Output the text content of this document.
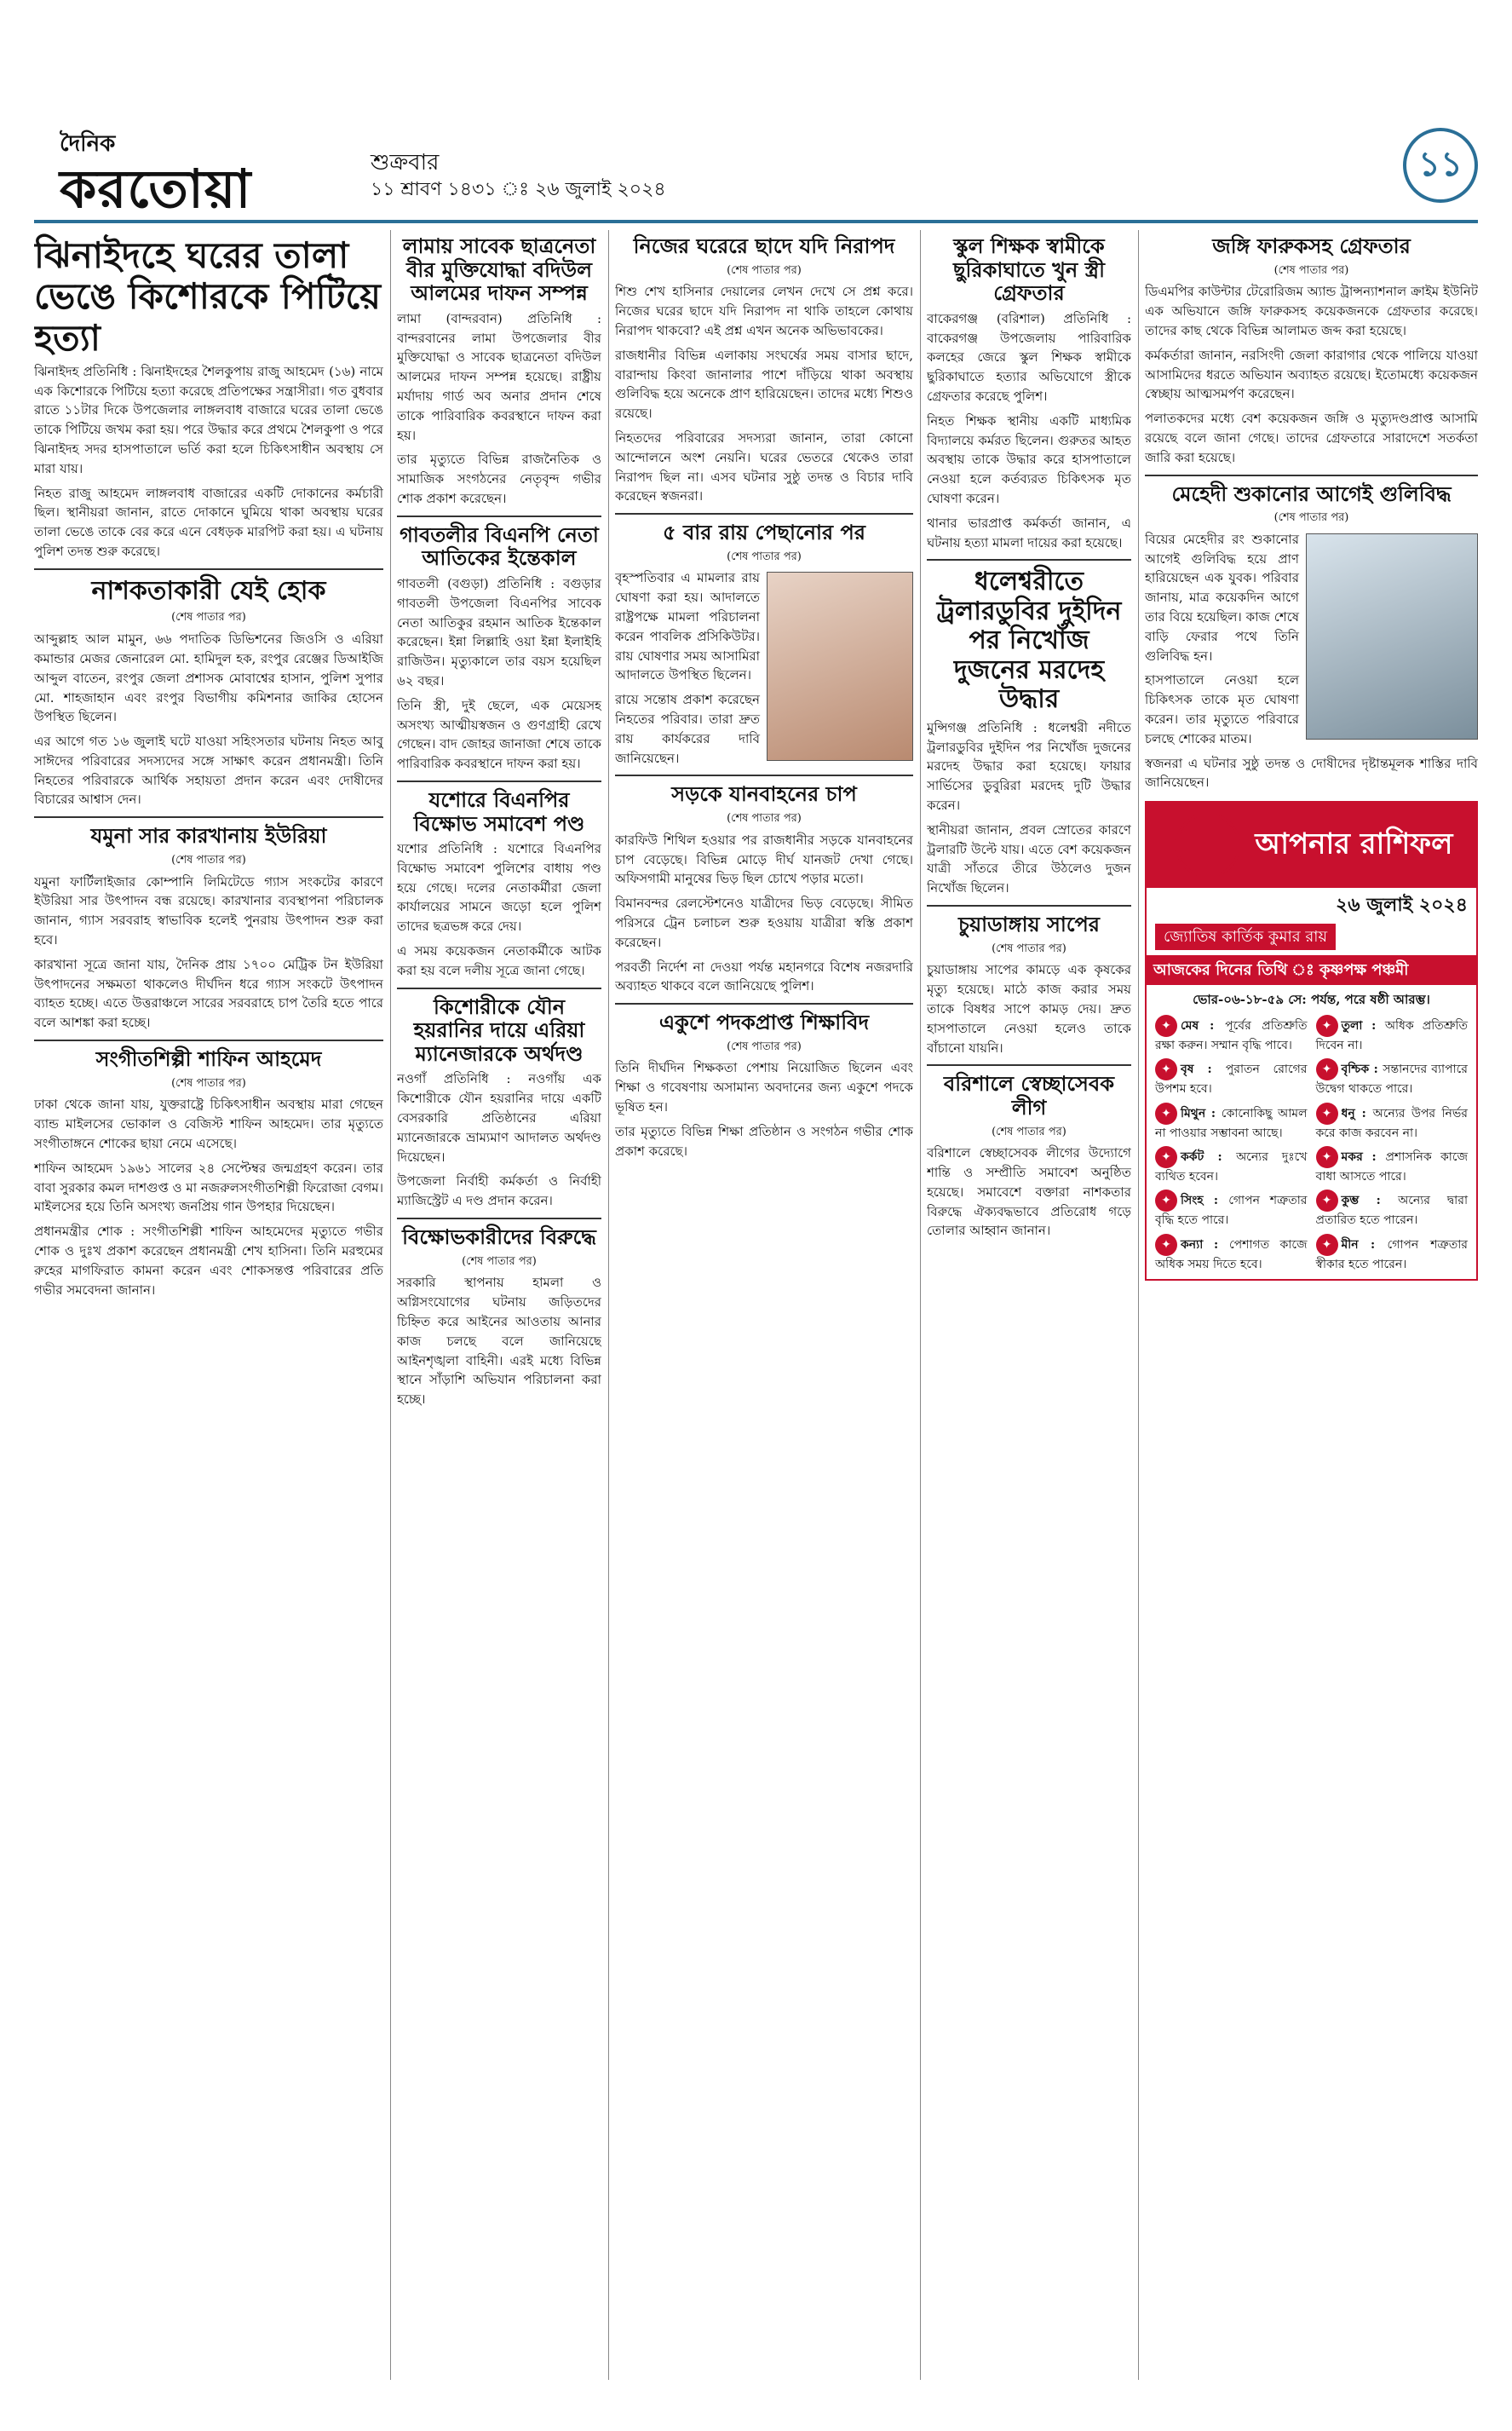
দৈনিক
করতোয়া	শুক্রবার
১১ শ্রাবণ ১৪৩১ ঃ ২৬ জুলাই ২০২৪
১১
ঝিনাইদহে ঘরের তালা ভেঙে কিশোরকে পিটিয়ে হত্যা

ঝিনাইদহ প্রতিনিধি : ঝিনাইদহের শৈলকুপায় রাজু আহমেদ (১৬) নামে এক কিশোরকে পিটিয়ে হত্যা করেছে প্রতিপক্ষের সন্ত্রাসীরা। গত বুধবার রাতে ১১টার দিকে উপজেলার লাঙ্গলবাধ বাজারে ঘরের তালা ভেঙে তাকে পিটিয়ে জখম করা হয়। পরে উদ্ধার করে প্রথমে শৈলকুপা ও পরে ঝিনাইদহ সদর হাসপাতালে ভর্তি করা হলে চিকিৎসাধীন অবস্থায় সে মারা যায়।

নিহত রাজু আহমেদ লাঙ্গলবাধ বাজারের একটি দোকানের কর্মচারী ছিল। স্থানীয়রা জানান, রাতে দোকানে ঘুমিয়ে থাকা অবস্থায় ঘরের তালা ভেঙে তাকে বের করে এনে বেধড়ক মারপিট করা হয়। এ ঘটনায় পুলিশ তদন্ত শুরু করেছে।

নাশকতাকারী যেই হোক
(শেষ পাতার পর)

আব্দুল্লাহ আল মামুন, ৬৬ পদাতিক ডিভিশনের জিওসি ও এরিয়া কমান্ডার মেজর জেনারেল মো. হামিদুল হক, রংপুর রেঞ্জের ডিআইজি আব্দুল বাতেন, রংপুর জেলা প্রশাসক মোবাশ্বের হাসান, পুলিশ সুপার মো. শাহজাহান এবং রংপুর বিভাগীয় কমিশনার জাকির হোসেন উপস্থিত ছিলেন।

এর আগে গত ১৬ জুলাই ঘটে যাওয়া সহিংসতার ঘটনায় নিহত আবু সাঈদের পরিবারের সদস্যদের সঙ্গে সাক্ষাৎ করেন প্রধানমন্ত্রী। তিনি নিহতের পরিবারকে আর্থিক সহায়তা প্রদান করেন এবং দোষীদের বিচারের আশ্বাস দেন।

যমুনা সার কারখানায় ইউরিয়া
(শেষ পাতার পর)

যমুনা ফার্টিলাইজার কোম্পানি লিমিটেডে গ্যাস সংকটের কারণে ইউরিয়া সার উৎপাদন বন্ধ রয়েছে। কারখানার ব্যবস্থাপনা পরিচালক জানান, গ্যাস সরবরাহ স্বাভাবিক হলেই পুনরায় উৎপাদন শুরু করা হবে।

কারখানা সূত্রে জানা যায়, দৈনিক প্রায় ১৭০০ মেট্রিক টন ইউরিয়া উৎপাদনের সক্ষমতা থাকলেও দীর্ঘদিন ধরে গ্যাস সংকটে উৎপাদন ব্যাহত হচ্ছে। এতে উত্তরাঞ্চলে সারের সরবরাহে চাপ তৈরি হতে পারে বলে আশঙ্কা করা হচ্ছে।

সংগীতশিল্পী শাফিন আহমেদ
(শেষ পাতার পর)

ঢাকা থেকে জানা যায়, যুক্তরাষ্ট্রে চিকিৎসাধীন অবস্থায় মারা গেছেন ব্যান্ড মাইলসের ভোকাল ও বেজিস্ট শাফিন আহমেদ। তার মৃত্যুতে সংগীতাঙ্গনে শোকের ছায়া নেমে এসেছে।

শাফিন আহমেদ ১৯৬১ সালের ২৪ সেপ্টেম্বর জন্মগ্রহণ করেন। তার বাবা সুরকার কমল দাশগুপ্ত ও মা নজরুলসংগীতশিল্পী ফিরোজা বেগম। মাইলসের হয়ে তিনি অসংখ্য জনপ্রিয় গান উপহার দিয়েছেন।

প্রধানমন্ত্রীর শোক : সংগীতশিল্পী শাফিন আহমেদের মৃত্যুতে গভীর শোক ও দুঃখ প্রকাশ করেছেন প্রধানমন্ত্রী শেখ হাসিনা। তিনি মরহুমের রুহের মাগফিরাত কামনা করেন এবং শোকসন্তপ্ত পরিবারের প্রতি গভীর সমবেদনা জানান।

লামায় সাবেক ছাত্রনেতা বীর মুক্তিযোদ্ধা বদিউল আলমের দাফন সম্পন্ন

লামা (বান্দরবান) প্রতিনিধি : বান্দরবানের লামা উপজেলার বীর মুক্তিযোদ্ধা ও সাবেক ছাত্রনেতা বদিউল আলমের দাফন সম্পন্ন হয়েছে। রাষ্ট্রীয় মর্যাদায় গার্ড অব অনার প্রদান শেষে তাকে পারিবারিক কবরস্থানে দাফন করা হয়।

তার মৃত্যুতে বিভিন্ন রাজনৈতিক ও সামাজিক সংগঠনের নেতৃবৃন্দ গভীর শোক প্রকাশ করেছেন।

গাবতলীর বিএনপি নেতা আতিকের ইন্তেকাল

গাবতলী (বগুড়া) প্রতিনিধি : বগুড়ার গাবতলী উপজেলা বিএনপির সাবেক নেতা আতিকুর রহমান আতিক ইন্তেকাল করেছেন। ইন্না লিল্লাহি ওয়া ইন্না ইলাইহি রাজিউন। মৃত্যুকালে তার বয়স হয়েছিল ৬২ বছর।

তিনি স্ত্রী, দুই ছেলে, এক মেয়েসহ অসংখ্য আত্মীয়স্বজন ও গুণগ্রাহী রেখে গেছেন। বাদ জোহর জানাজা শেষে তাকে পারিবারিক কবরস্থানে দাফন করা হয়।

যশোরে বিএনপির বিক্ষোভ সমাবেশ পণ্ড

যশোর প্রতিনিধি : যশোরে বিএনপির বিক্ষোভ সমাবেশ পুলিশের বাধায় পণ্ড হয়ে গেছে। দলের নেতাকর্মীরা জেলা কার্যালয়ের সামনে জড়ো হলে পুলিশ তাদের ছত্রভঙ্গ করে দেয়।

এ সময় কয়েকজন নেতাকর্মীকে আটক করা হয় বলে দলীয় সূত্রে জানা গেছে।

কিশোরীকে যৌন হয়রানির দায়ে এরিয়া ম্যানেজারকে অর্থদণ্ড

নওগাঁ প্রতিনিধি : নওগাঁয় এক কিশোরীকে যৌন হয়রানির দায়ে একটি বেসরকারি প্রতিষ্ঠানের এরিয়া ম্যানেজারকে ভ্রাম্যমাণ আদালত অর্থদণ্ড দিয়েছেন।

উপজেলা নির্বাহী কর্মকর্তা ও নির্বাহী ম্যাজিস্ট্রেট এ দণ্ড প্রদান করেন।

বিক্ষোভকারীদের বিরুদ্ধে
(শেষ পাতার পর)

সরকারি স্থাপনায় হামলা ও অগ্নিসংযোগের ঘটনায় জড়িতদের চিহ্নিত করে আইনের আওতায় আনার কাজ চলছে বলে জানিয়েছে আইনশৃঙ্খলা বাহিনী। এরই মধ্যে বিভিন্ন স্থানে সাঁড়াশি অভিযান পরিচালনা করা হচ্ছে।

নিজের ঘরেরে ছাদে যদি নিরাপদ
(শেষ পাতার পর)

শিশু শেখ হাসিনার দেয়ালের লেখন দেখে সে প্রশ্ন করে। নিজের ঘরের ছাদে যদি নিরাপদ না থাকি তাহলে কোথায় নিরাপদ থাকবো? এই প্রশ্ন এখন অনেক অভিভাবকের।

রাজধানীর বিভিন্ন এলাকায় সংঘর্ষের সময় বাসার ছাদে, বারান্দায় কিংবা জানালার পাশে দাঁড়িয়ে থাকা অবস্থায় গুলিবিদ্ধ হয়ে অনেকে প্রাণ হারিয়েছেন। তাদের মধ্যে শিশুও রয়েছে।

নিহতদের পরিবারের সদস্যরা জানান, তারা কোনো আন্দোলনে অংশ নেয়নি। ঘরের ভেতরে থেকেও তারা নিরাপদ ছিল না। এসব ঘটনার সুষ্ঠু তদন্ত ও বিচার দাবি করেছেন স্বজনরা।

৫ বার রায় পেছানোর পর
(শেষ পাতার পর)

বৃহস্পতিবার এ মামলার রায় ঘোষণা করা হয়। আদালতে রাষ্ট্রপক্ষে মামলা পরিচালনা করেন পাবলিক প্রসিকিউটর। রায় ঘোষণার সময় আসামিরা আদালতে উপস্থিত ছিলেন।

রায়ে সন্তোষ প্রকাশ করেছেন নিহতের পরিবার। তারা দ্রুত রায় কার্যকরের দাবি জানিয়েছেন।

সড়কে যানবাহনের চাপ
(শেষ পাতার পর)

কারফিউ শিথিল হওয়ার পর রাজধানীর সড়কে যানবাহনের চাপ বেড়েছে। বিভিন্ন মোড়ে দীর্ঘ যানজট দেখা গেছে। অফিসগামী মানুষের ভিড় ছিল চোখে পড়ার মতো।

বিমানবন্দর রেলস্টেশনেও যাত্রীদের ভিড় বেড়েছে। সীমিত পরিসরে ট্রেন চলাচল শুরু হওয়ায় যাত্রীরা স্বস্তি প্রকাশ করেছেন।

পরবর্তী নির্দেশ না দেওয়া পর্যন্ত মহানগরে বিশেষ নজরদারি অব্যাহত থাকবে বলে জানিয়েছে পুলিশ।

একুশে পদকপ্রাপ্ত শিক্ষাবিদ
(শেষ পাতার পর)

তিনি দীর্ঘদিন শিক্ষকতা পেশায় নিয়োজিত ছিলেন এবং শিক্ষা ও গবেষণায় অসামান্য অবদানের জন্য একুশে পদকে ভূষিত হন।

তার মৃত্যুতে বিভিন্ন শিক্ষা প্রতিষ্ঠান ও সংগঠন গভীর শোক প্রকাশ করেছে।

স্কুল শিক্ষক স্বামীকে ছুরিকাঘাতে খুন স্ত্রী গ্রেফতার

বাকেরগঞ্জ (বরিশাল) প্রতিনিধি : বাকেরগঞ্জ উপজেলায় পারিবারিক কলহের জেরে স্কুল শিক্ষক স্বামীকে ছুরিকাঘাতে হত্যার অভিযোগে স্ত্রীকে গ্রেফতার করেছে পুলিশ।

নিহত শিক্ষক স্থানীয় একটি মাধ্যমিক বিদ্যালয়ে কর্মরত ছিলেন। গুরুতর আহত অবস্থায় তাকে উদ্ধার করে হাসপাতালে নেওয়া হলে কর্তব্যরত চিকিৎসক মৃত ঘোষণা করেন।

থানার ভারপ্রাপ্ত কর্মকর্তা জানান, এ ঘটনায় হত্যা মামলা দায়ের করা হয়েছে।

ধলেশ্বরীতে ট্রলারডুবির দুইদিন পর নিখোঁজ দুজনের মরদেহ উদ্ধার

মুন্সিগঞ্জ প্রতিনিধি : ধলেশ্বরী নদীতে ট্রলারডুবির দুইদিন পর নিখোঁজ দুজনের মরদেহ উদ্ধার করা হয়েছে। ফায়ার সার্ভিসের ডুবুরিরা মরদেহ দুটি উদ্ধার করেন।

স্থানীয়রা জানান, প্রবল স্রোতের কারণে ট্রলারটি উল্টে যায়। এতে বেশ কয়েকজন যাত্রী সাঁতরে তীরে উঠলেও দুজন নিখোঁজ ছিলেন।

চুয়াডাঙ্গায় সাপের
(শেষ পাতার পর)

চুয়াডাঙ্গায় সাপের কামড়ে এক কৃষকের মৃত্যু হয়েছে। মাঠে কাজ করার সময় তাকে বিষধর সাপে কামড় দেয়। দ্রুত হাসপাতালে নেওয়া হলেও তাকে বাঁচানো যায়নি।

বরিশালে স্বেচ্ছাসেবক লীগ
(শেষ পাতার পর)

বরিশালে স্বেচ্ছাসেবক লীগের উদ্যোগে শান্তি ও সম্প্রীতি সমাবেশ অনুষ্ঠিত হয়েছে। সমাবেশে বক্তারা নাশকতার বিরুদ্ধে ঐক্যবদ্ধভাবে প্রতিরোধ গড়ে তোলার আহ্বান জানান।

জঙ্গি ফারুকসহ গ্রেফতার
(শেষ পাতার পর)

ডিএমপির কাউন্টার টেরোরিজম অ্যান্ড ট্রান্সন্যাশনাল ক্রাইম ইউনিট এক অভিযানে জঙ্গি ফারুকসহ কয়েকজনকে গ্রেফতার করেছে। তাদের কাছ থেকে বিভিন্ন আলামত জব্দ করা হয়েছে।

কর্মকর্তারা জানান, নরসিংদী জেলা কারাগার থেকে পালিয়ে যাওয়া আসামিদের ধরতে অভিযান অব্যাহত রয়েছে। ইতোমধ্যে কয়েকজন স্বেচ্ছায় আত্মসমর্পণ করেছেন।

পলাতকদের মধ্যে বেশ কয়েকজন জঙ্গি ও মৃত্যুদণ্ডপ্রাপ্ত আসামি রয়েছে বলে জানা গেছে। তাদের গ্রেফতারে সারাদেশে সতর্কতা জারি করা হয়েছে।

মেহেদী শুকানোর আগেই গুলিবিদ্ধ
(শেষ পাতার পর)

বিয়ের মেহেদীর রং শুকানোর আগেই গুলিবিদ্ধ হয়ে প্রাণ হারিয়েছেন এক যুবক। পরিবার জানায়, মাত্র কয়েকদিন আগে তার বিয়ে হয়েছিল। কাজ শেষে বাড়ি ফেরার পথে তিনি গুলিবিদ্ধ হন।

হাসপাতালে নেওয়া হলে চিকিৎসক তাকে মৃত ঘোষণা করেন। তার মৃত্যুতে পরিবারে চলছে শোকের মাতম।

স্বজনরা এ ঘটনার সুষ্ঠু তদন্ত ও দোষীদের দৃষ্টান্তমূলক শাস্তির দাবি জানিয়েছেন।

আপনার রাশিফল
২৬ জুলাই ২০২৪
জ্যোতিষ কার্তিক কুমার রায়
আজকের দিনের তিথি ঃ কৃষ্ণপক্ষ পঞ্চমী
ভোর-০৬-১৮-৫৯ সে: পর্যন্ত, পরে ষষ্ঠী আরম্ভ।
✦ মেষ : পূর্বের প্রতিশ্রুতি রক্ষা করুন। সম্মান বৃদ্ধি পাবে।
✦ তুলা : অধিক প্রতিশ্রুতি দিবেন না।
✦ বৃষ : পুরাতন রোগের উপশম হবে।
✦ বৃশ্চিক : সন্তানদের ব্যাপারে উদ্বেগ থাকতে পারে।
✦ মিথুন : কোনোকিছু আমল না পাওয়ার সম্ভাবনা আছে।
✦ ধনু : অন্যের উপর নির্ভর করে কাজ করবেন না।
✦ কর্কট : অন্যের দুঃখে ব্যথিত হবেন।
✦ মকর : প্রশাসনিক কাজে বাধা আসতে পারে।
✦ সিংহ : গোপন শত্রুতার বৃদ্ধি হতে পারে।
✦ কুম্ভ : অন্যের দ্বারা প্রতারিত হতে পারেন।
✦ কন্যা : পেশাগত কাজে অধিক সময় দিতে হবে।
✦ মীন : গোপন শত্রুতার স্বীকার হতে পারেন।
